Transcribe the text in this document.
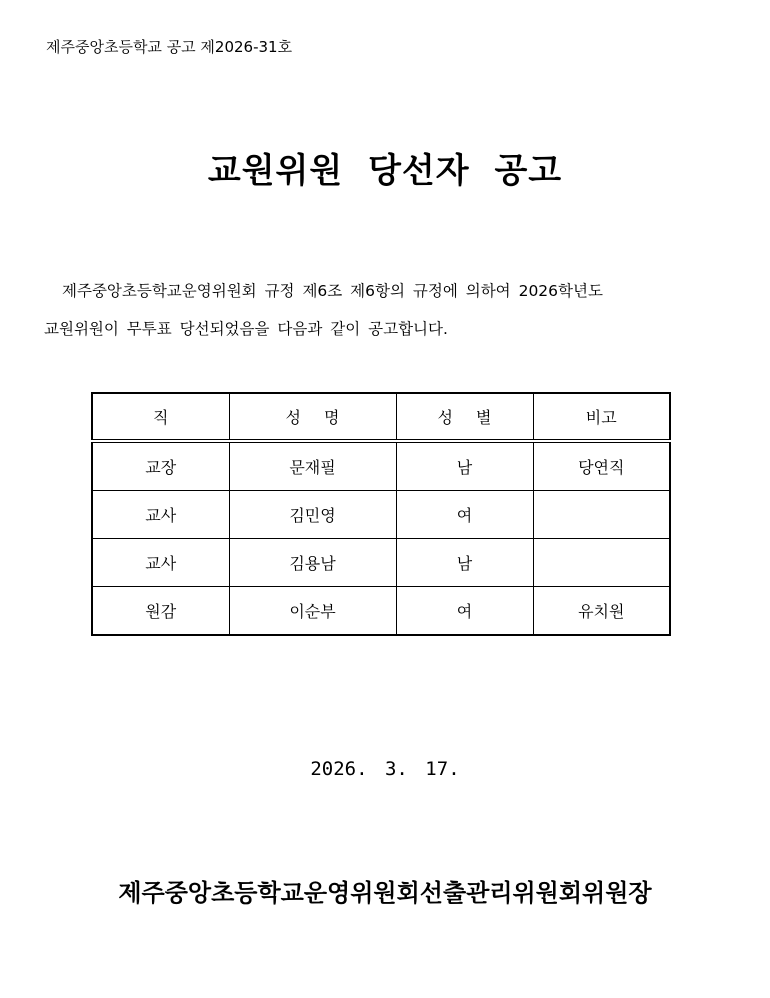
제주중앙초등학교 공고 제2026-31호
교원위원 당선자 공고
제주중앙초등학교운영위원회 규정 제6조 제6항의 규정에 의하여 2026학년도
교원위원이 무투표 당선되었음을 다음과 같이 공고합니다.
직	성 명	성 별	비고
교장	문재필	남	당연직
교사	김민영	여	
교사	김용남	남	
원감	이순부	여	유치원
2026. 3. 17.
제주중앙초등학교운영위원회선출관리위원회위원장
